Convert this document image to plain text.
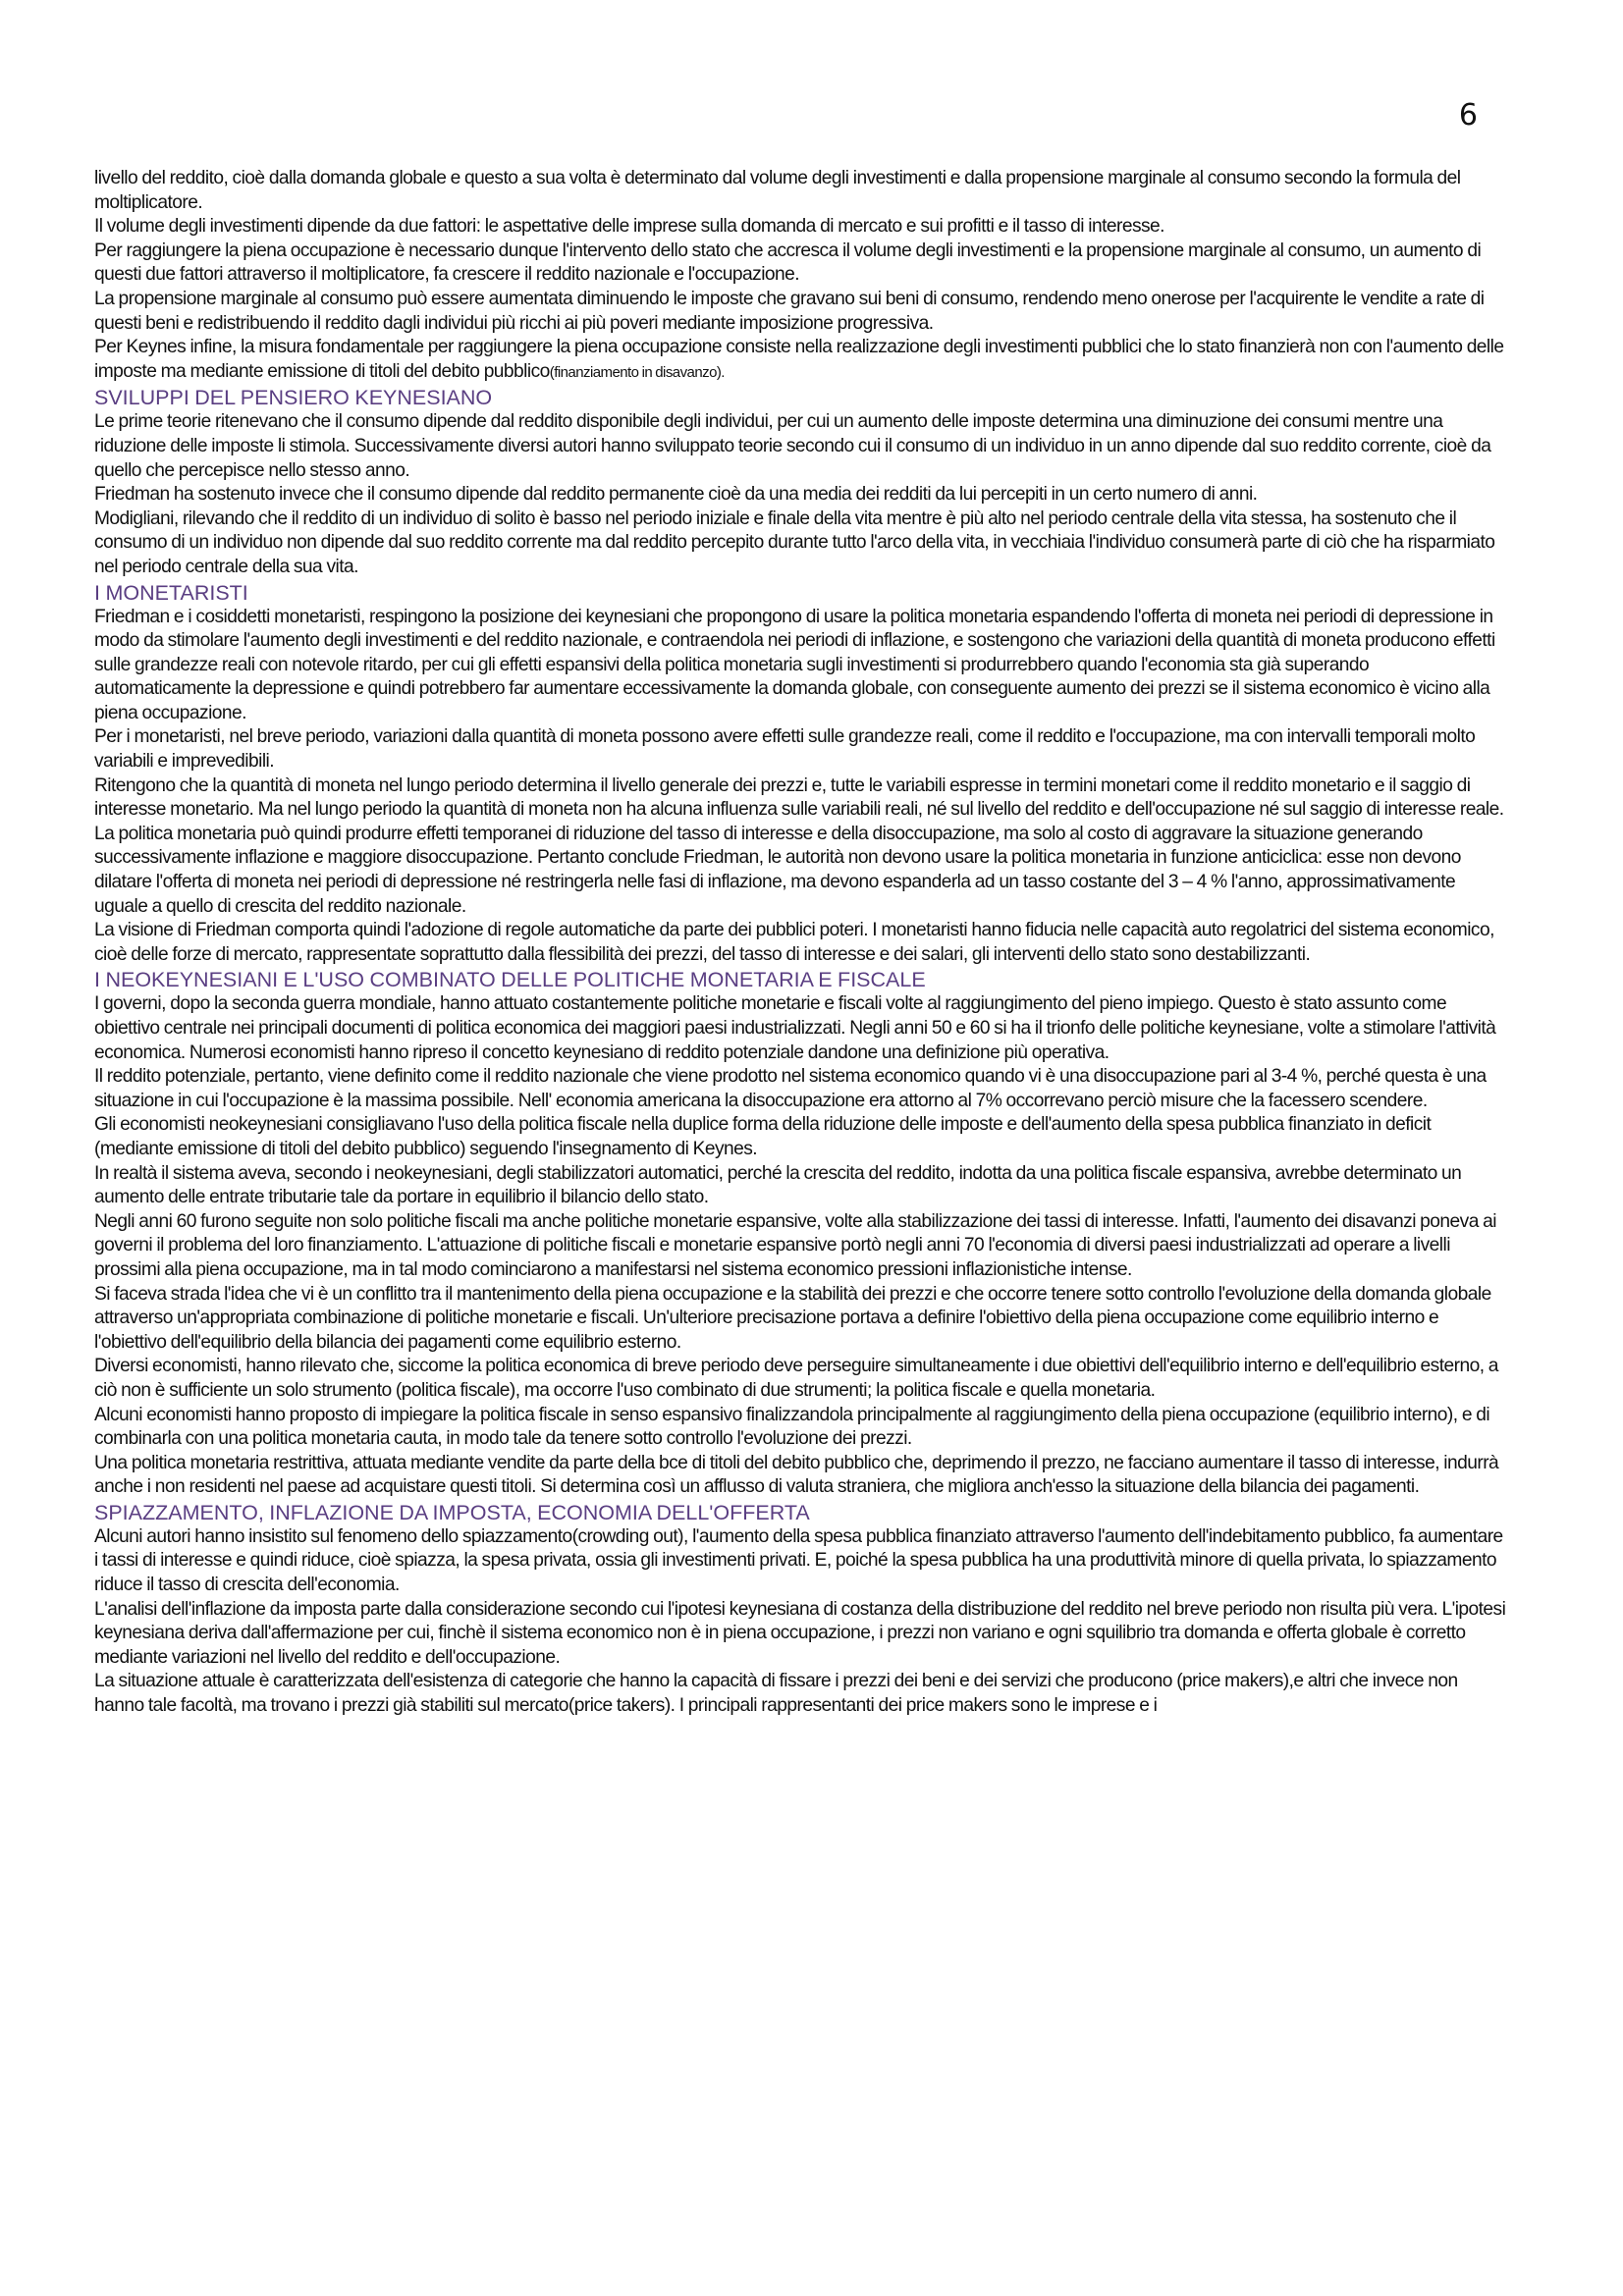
6

livello del reddito, cioè dalla domanda globale e questo a sua volta è determinato dal volume degli investimenti e dalla propensione marginale al consumo secondo la formula del moltiplicatore.

Il volume degli investimenti dipende da due fattori: le aspettative delle imprese sulla domanda di mercato e sui profitti e il tasso di interesse.

Per raggiungere la piena occupazione è necessario dunque l'intervento dello stato che accresca il volume degli investimenti e la propensione marginale al consumo, un aumento di questi due fattori attraverso il moltiplicatore, fa crescere il reddito nazionale e l'occupazione.

La propensione marginale al consumo può essere aumentata diminuendo le imposte che gravano sui beni di consumo, rendendo meno onerose per l'acquirente le vendite a rate di questi beni e redistribuendo il reddito dagli individui più ricchi ai più poveri mediante imposizione progressiva.

Per Keynes infine, la misura fondamentale per raggiungere la piena occupazione consiste nella realizzazione degli investimenti pubblici che lo stato finanzierà non con l'aumento delle imposte ma mediante emissione di titoli del debito pubblico(finanziamento in disavanzo).

SVILUPPI DEL PENSIERO KEYNESIANO

Le prime teorie ritenevano che il consumo dipende dal reddito disponibile degli individui, per cui un aumento delle imposte determina una diminuzione dei consumi mentre una riduzione delle imposte li stimola. Successivamente diversi autori hanno sviluppato teorie secondo cui il consumo di un individuo in un anno dipende dal suo reddito corrente, cioè da quello che percepisce nello stesso anno.

Friedman ha sostenuto invece che il consumo dipende dal reddito permanente cioè da una media dei redditi da lui percepiti in un certo numero di anni.

Modigliani, rilevando che il reddito di un individuo di solito è basso nel periodo iniziale e finale della vita mentre è più alto nel periodo centrale della vita stessa, ha sostenuto che il consumo di un individuo non dipende dal suo reddito corrente ma dal reddito percepito durante tutto l'arco della vita, in vecchiaia l'individuo consumerà parte di ciò che ha risparmiato nel periodo centrale della sua vita.

I MONETARISTI

Friedman e i cosiddetti monetaristi, respingono la posizione dei keynesiani che propongono di usare la politica monetaria espandendo l'offerta di moneta nei periodi di depressione in modo da stimolare l'aumento degli investimenti e del reddito nazionale, e contraendola nei periodi di inflazione, e sostengono che variazioni della quantità di moneta producono effetti sulle grandezze reali con notevole ritardo, per cui gli effetti espansivi della politica monetaria sugli investimenti si produrrebbero quando l'economia sta già superando automaticamente la depressione e quindi potrebbero far aumentare eccessivamente la domanda globale, con conseguente aumento dei prezzi se il sistema economico è vicino alla piena occupazione.

Per i monetaristi, nel breve periodo, variazioni dalla quantità di moneta possono avere effetti sulle grandezze reali, come il reddito e l'occupazione, ma con intervalli temporali molto variabili e imprevedibili.

Ritengono che la quantità di moneta nel lungo periodo determina il livello generale dei prezzi e, tutte le variabili espresse in termini monetari come il reddito monetario e il saggio di interesse monetario. Ma nel lungo periodo la quantità di moneta non ha alcuna influenza sulle variabili reali, né sul livello del reddito e dell'occupazione né sul saggio di interesse reale. La politica monetaria può quindi produrre effetti temporanei di riduzione del tasso di interesse e della disoccupazione, ma solo al costo di aggravare la situazione generando successivamente inflazione e maggiore disoccupazione. Pertanto conclude Friedman, le autorità non devono usare la politica monetaria in funzione anticiclica: esse non devono dilatare l'offerta di moneta nei periodi di depressione né restringerla nelle fasi di inflazione, ma devono espanderla ad un tasso costante del 3 – 4 % l'anno, approssimativamente uguale a quello di crescita del reddito nazionale.

La visione di Friedman comporta quindi l'adozione di regole automatiche da parte dei pubblici poteri. I monetaristi hanno fiducia nelle capacità auto regolatrici del sistema economico, cioè delle forze di mercato, rappresentate soprattutto dalla flessibilità dei prezzi, del tasso di interesse e dei salari, gli interventi dello stato sono destabilizzanti.

I NEOKEYNESIANI E L'USO COMBINATO DELLE POLITICHE MONETARIA E FISCALE

I governi, dopo la seconda guerra mondiale, hanno attuato costantemente politiche monetarie e fiscali volte al raggiungimento del pieno impiego. Questo è stato assunto come obiettivo centrale nei principali documenti di politica economica dei maggiori paesi industrializzati. Negli anni 50 e 60 si ha il trionfo delle politiche keynesiane, volte a stimolare l'attività economica. Numerosi economisti hanno ripreso il concetto keynesiano di reddito potenziale dandone una definizione più operativa.

Il reddito potenziale, pertanto, viene definito come il reddito nazionale che viene prodotto nel sistema economico quando vi è una disoccupazione pari al 3-4 %, perché questa è una situazione in cui l'occupazione è la massima possibile. Nell' economia americana la disoccupazione era attorno al 7% occorrevano perciò misure che la facessero scendere.

Gli economisti neokeynesiani consigliavano l'uso della politica fiscale nella duplice forma della riduzione delle imposte e dell'aumento della spesa pubblica finanziato in deficit (mediante emissione di titoli del debito pubblico) seguendo l'insegnamento di Keynes.

In realtà il sistema aveva, secondo i neokeynesiani, degli stabilizzatori automatici, perché la crescita del reddito, indotta da una politica fiscale espansiva, avrebbe determinato un aumento delle entrate tributarie tale da portare in equilibrio il bilancio dello stato.

Negli anni 60 furono seguite non solo politiche fiscali ma anche politiche monetarie espansive, volte alla stabilizzazione dei tassi di interesse. Infatti, l'aumento dei disavanzi poneva ai governi il problema del loro finanziamento. L'attuazione di politiche fiscali e monetarie espansive portò negli anni 70 l'economia di diversi paesi industrializzati ad operare a livelli prossimi alla piena occupazione, ma in tal modo cominciarono a manifestarsi nel sistema economico pressioni inflazionistiche intense.

Si faceva strada l'idea che vi è un conflitto tra il mantenimento della piena occupazione e la stabilità dei prezzi e che occorre tenere sotto controllo l'evoluzione della domanda globale attraverso un'appropriata combinazione di politiche monetarie e fiscali. Un'ulteriore precisazione portava a definire l'obiettivo della piena occupazione come equilibrio interno e l'obiettivo dell'equilibrio della bilancia dei pagamenti come equilibrio esterno.

Diversi economisti, hanno rilevato che, siccome la politica economica di breve periodo deve perseguire simultaneamente i due obiettivi dell'equilibrio interno e dell'equilibrio esterno, a ciò non è sufficiente un solo strumento (politica fiscale), ma occorre l'uso combinato di due strumenti; la politica fiscale e quella monetaria.

Alcuni economisti hanno proposto di impiegare la politica fiscale in senso espansivo finalizzandola principalmente al raggiungimento della piena occupazione (equilibrio interno), e di combinarla con una politica monetaria cauta, in modo tale da tenere sotto controllo l'evoluzione dei prezzi.

Una politica monetaria restrittiva, attuata mediante vendite da parte della bce di titoli del debito pubblico che, deprimendo il prezzo, ne facciano aumentare il tasso di interesse, indurrà anche i non residenti nel paese ad acquistare questi titoli. Si determina così un afflusso di valuta straniera, che migliora anch'esso la situazione della bilancia dei pagamenti.

SPIAZZAMENTO, INFLAZIONE DA IMPOSTA, ECONOMIA DELL'OFFERTA

Alcuni autori hanno insistito sul fenomeno dello spiazzamento(crowding out), l'aumento della spesa pubblica finanziato attraverso l'aumento dell'indebitamento pubblico, fa aumentare i tassi di interesse e quindi riduce, cioè spiazza, la spesa privata, ossia gli investimenti privati. E, poiché la spesa pubblica ha una produttività minore di quella privata, lo spiazzamento riduce il tasso di crescita dell'economia.

L'analisi dell'inflazione da imposta parte dalla considerazione secondo cui l'ipotesi keynesiana di costanza della distribuzione del reddito nel breve periodo non risulta più vera. L'ipotesi keynesiana deriva dall'affermazione per cui, finchè il sistema economico non è in piena occupazione, i prezzi non variano e ogni squilibrio tra domanda e offerta globale è corretto mediante variazioni nel livello del reddito e dell'occupazione.

La situazione attuale è caratterizzata dell'esistenza di categorie che hanno la capacità di fissare i prezzi dei beni e dei servizi che producono (price makers),e altri che invece non hanno tale facoltà, ma trovano i prezzi già stabiliti sul mercato(price takers). I principali rappresentanti dei price makers sono le imprese e i
